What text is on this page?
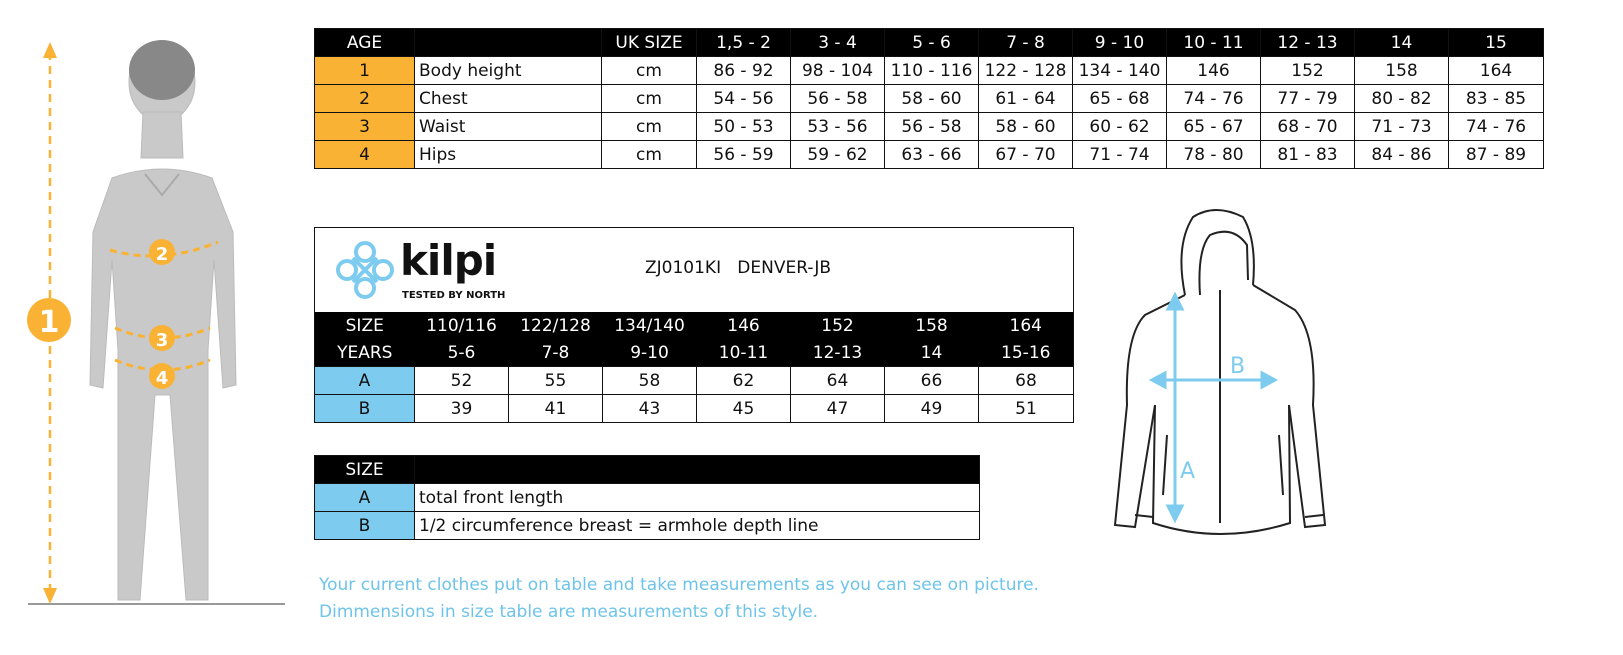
1
2
3
4
AGE		UK SIZE	1,5 - 2	3 - 4	5 - 6	7 - 8	9 - 10	10 - 11	12 - 13	14	15
1	Body height	cm	86 - 92	98 - 104	110 - 116	122 - 128	134 - 140	146	152	158	164
2	Chest	cm	54 - 56	56 - 58	58 - 60	61 - 64	65 - 68	74 - 76	77 - 79	80 - 82	83 - 85
3	Waist	cm	50 - 53	53 - 56	56 - 58	58 - 60	60 - 62	65 - 67	68 - 70	71 - 73	74 - 76
4	Hips	cm	56 - 59	59 - 62	63 - 66	67 - 70	71 - 74	78 - 80	81 - 83	84 - 86	87 - 89
kilpi
TESTED BY NORTH
ZJ0101KI   DENVER-JB							

SIZE	110/116	122/128	134/140	146	152	158	164
YEARS	5-6	7-8	9-10	10-11	12-13	14	15-16
A	52	55	58	62	64	66	68
B	39	41	43	45	47	49	51
SIZE	
A	total front length
B	1/2 circumference breast = armhole depth line
A
B
Your current clothes put on table and take measurements as you can see on picture.
Dimmensions in size table are measurements of this style.
